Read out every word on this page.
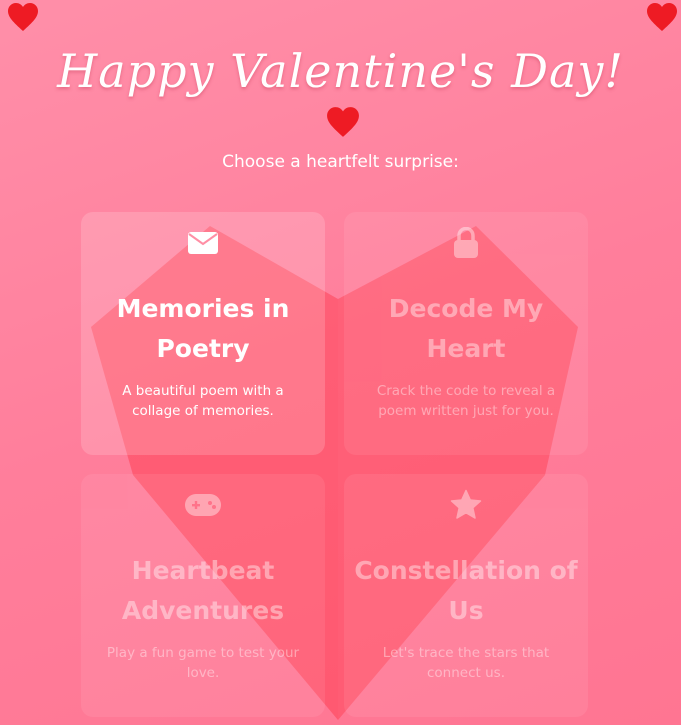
Happy Valentine's Day!
Choose a heartfelt surprise:
Memories in Poetry
A beautiful poem with a collage of memories.
Decode My Heart
Crack the code to reveal a poem written just for you.
Heartbeat Adventures
Play a fun game to test your love.
Constellation of Us
Let's trace the stars that connect us.
